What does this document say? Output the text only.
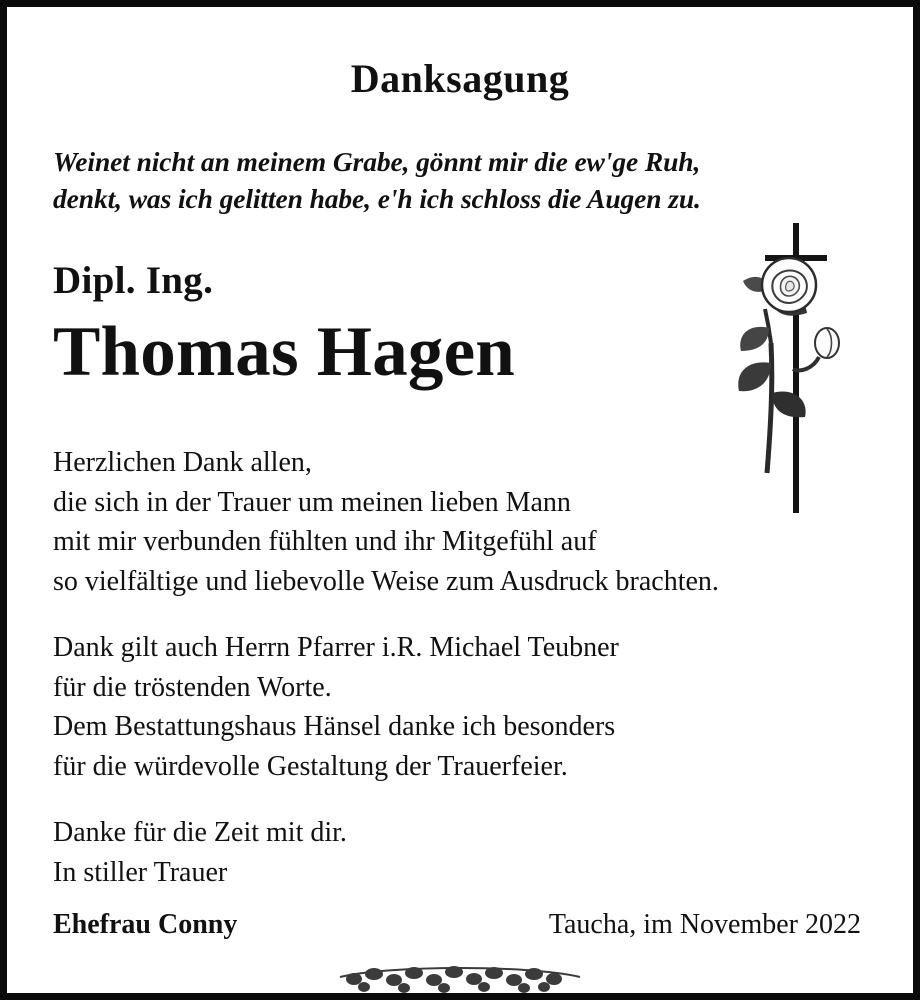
Danksagung
Weinet nicht an meinem Grabe, gönnt mir die ew'ge Ruh,
denkt, was ich gelitten habe, e'h ich schloss die Augen zu.
Dipl. Ing.
Thomas Hagen

Herzlichen Dank allen,
die sich in der Trauer um meinen lieben Mann
mit mir verbunden fühlten und ihr Mitgefühl auf
so vielfältige und liebevolle Weise zum Ausdruck brachten.

Dank gilt auch Herrn Pfarrer i.R. Michael Teubner
für die tröstenden Worte.
Dem Bestattungshaus Hänsel danke ich besonders
für die würdevolle Gestaltung der Trauerfeier.

Danke für die Zeit mit dir.
In stiller Trauer

Ehefrau Conny	Taucha, im November 2022
